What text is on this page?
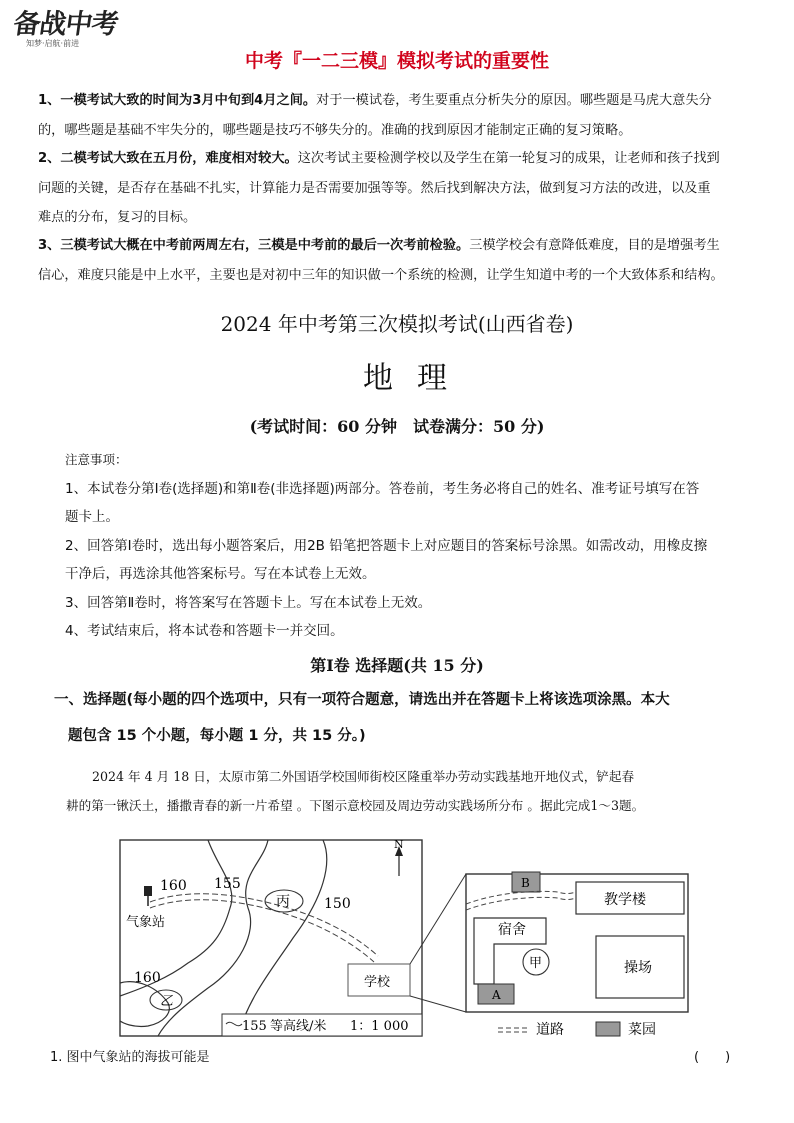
备战中考
知梦·启航·前进
中考『一二三模』模拟考试的重要性
1、一模考试大致的时间为3月中旬到4月之间。对于一模试卷，考生要重点分析失分的原因。哪些题是马虎大意失分
的，哪些题是基础不牢失分的，哪些题是技巧不够失分的。准确的找到原因才能制定正确的复习策略。
2、二模考试大致在五月份，难度相对较大。这次考试主要检测学校以及学生在第一轮复习的成果，让老师和孩子找到
问题的关键，是否存在基础不扎实，计算能力是否需要加强等等。然后找到解决方法，做到复习方法的改进，以及重
难点的分布，复习的目标。
3、三模考试大概在中考前两周左右，三模是中考前的最后一次考前检验。三模学校会有意降低难度，目的是增强考生
信心，难度只能是中上水平，主要也是对初中三年的知识做一个系统的检测，让学生知道中考的一个大致体系和结构。
2024 年中考第三次模拟考试(山西省卷)
地理
(考试时间：60 分钟　试卷满分：50 分)
注意事项：
1、本试卷分第Ⅰ卷(选择题)和第Ⅱ卷(非选择题)两部分。答卷前，考生务必将自己的姓名、准考证号填写在答
题卡上。
2、回答第Ⅰ卷时，选出每小题答案后，用2B 铅笔把答题卡上对应题目的答案标号涂黑。如需改动，用橡皮擦
干净后，再选涂其他答案标号。写在本试卷上无效。
3、回答第Ⅱ卷时，将答案写在答题卡上。写在本试卷上无效。
4、考试结束后，将本试卷和答题卡一并交回。
第Ⅰ卷 选择题(共 15 分)
一、选择题(每小题的四个选项中，只有一项符合题意，请选出并在答题卡上将该选项涂黑。本大
题包含 15 个小题，每小题 1 分，共 15 分。)
2024 年 4 月 18 日，太原市第二外国语学校国师街校区隆重举办劳动实践基地开地仪式，铲起春
耕的第一锹沃土，播撒青春的新一片希望 。下图示意校园及周边劳动实践场所分布 。据此完成1～3题。
160 155
150
160
气象站
丙
乙
学校
N
155 等高线/米 1：1 000
教学楼
宿舍
甲	操场
A
B
道路	菜园
1. 图中气象站的海拔可能是	(　　)
